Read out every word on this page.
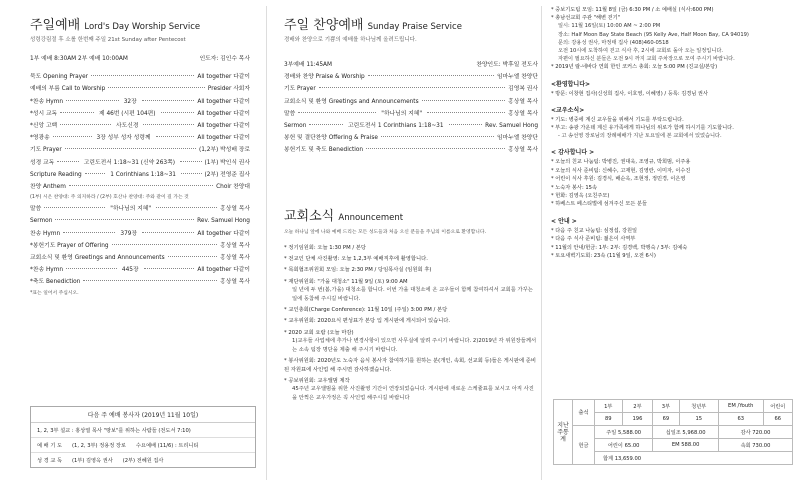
주일예배 Lord's Day Worship Service
성령강림절 후 소롤 한번째 주일 21st Sunday after Pentecost
1부 예배 8:30AM 2부 예배 10:00AM	인도자: 김인수 목사
묵도 Opening Prayer	All together 다같이
예배의 부름 Call to Worship	Presider 사회자
*찬송 Hymn	32장	All together 다같이
*성시 교독	제 46번 (시편 104편)	All together 다같이
*신앙 고백	사도신경	All together 다같이
*영광송	3장 성부 성자 성령께	All together 다같이
기도 Prayer	(1,2부) 박성배 장로
성경 교독	고린도전서 1:18~31 (신약 263쪽)	(1부) 박인식 권사
Scripture Reading	1 Corinthians 1:18~31	(2부) 전영준 집사
찬양 Anthem	Choir 찬양대
(1부) 시온 찬양대: 주 의지하라 / (2부) 호산나 찬양대: 주와 같이 길 가는 것
말씀	"하나님의 지혜"	홍상열 목사
Sermon	Rev. Samuel Hong
찬송 Hymn	379장	All together 다같이
*봉헌기도 Prayer of Offering	홍상열 목사
교회소식 및 환영 Greetings and Announcements	홍상열 목사
*찬송 Hymn	445장	All together 다같이
*축도 Benediction	홍상열 목사
*표는 일어서 주십시오.
다음 주 예배 봉사자 (2019년 11월 10일)
1, 2, 3부 설교 : 홍상열 목사 "땅보"를 위하는 사람들 (전도서 7:10)
예 배 기 도 (1, 2, 3부) 정용정 장로 수요예배 (11/6) : 트리니티
성 경 교 독 (1부) 김영옥 권사 (2부) 전혜원 집사
주일 찬양예배 Sunday Praise Service
경배와 찬양으로 기쁨의 예배를 하나님께 올려드립니다.
3부예배 11:45AM	찬양인도: 박후일 전도사
경배와 찬양 Praise & Worship	임마누엘 찬양단
기도 Prayer	김영복 권사
교회소식 및 환영 Greetings and Announcements	홍상열 목사
말씀	"하나님의 지혜"	홍상열 목사
Sermon	고린도전서 1 Corinthians 1:18~31	Rev. Samuel Hong
봉헌 및 결단찬양 Offering & Praise	임마누엘 찬양단
봉헌기도 및 축도 Benediction	홍상열 목사
교회소식 Announcement
오늘 하나님 앞에 나와 예배 드리는 모든 성도들과 처음 오신 분들을 주님의 이름으로 환영합니다.
* 정기임원회: 오늘 1:30 PM / 본당
* 전교인 단체 사진촬영: 오늘 1,2,3부 예배직후에 촬영합니다.
* 목회협조위원회 모임: 오늘 2:30 PM / 당임목사실 (임원회 후)
* 재단위원회: "가을 대청소" 11월 9일 (토) 9:00 AM
일 년에 두 번(봄,가을) 대청소를 합니다. 이번 가을 대청소에 온 교우들이 함께 참여하셔서 교회를 가꾸는 일에 동참해 주시길 바랍니다.
* 교인총회(Charge Conference): 11월 10일 (주일) 3:00 PM / 본당
* 교우위원회: 2020요식 편성표가 본당 입 게시판에 게시되어 있습니다.
* 2020 교회 요람 (오늘 마감)
1)교우들 사업체에 추가나 변경사항이 있으면 사무실에 알려 주시기 바랍니다. 2)2019년 각 위원장들께서는 소속 팀장 명단을 제출 해 주시기 바랍니다.
* 봉사위원회: 2020년도 노숙자 음식 봉사자 참여하기를 원하는 분(개인, 속회, 선교회 등)들은 게시판에 준비된 자원표에 사인업 해 주시면 감사하겠습니다.
* 공보위원회: 교우앨범 제작
45주년 교우앨범을 위한 사진촬영 기간이 연장되었습니다. 게시판에 새로운 스케쥴표를 보시고 아직 사진을 안찍은 교우가정은 꼭 사인업 해주시길 바랍니다
* 중보기도팀 모임: 11월 8일 (금) 6:30 PM / 소 예배실 (식사:600 PM)
* 총남선교회 주관 "해변 걷기"
일시: 11월 16일(토) 10:00 AM ~ 2:00 PM
장소: Half Moon Bay State Beach (95 Kelly Ave, Half Moon Bay, CA 94019)
문의: 강용성 권사, 마정태 집사 (408)460-0518
오전 10시에 도착하여 걷고 식사 후, 2시에 교회로 돌아 오는 일정입니다.
자편이 필요하신 분들은 오전 9시 까지 교회 주차장으로 모여 주시기 바랍니다.
* 2019년 랄-네바다 연회 한인 코커스 총회: 오늘 5:00 PM (진교실/본당)
<환영합니다>
* 방문: 이창현 집사(신성희 집사, 이호영, 이혜영) / 등록: 김경님 권사
<교우소식>
* 기도: 병중에 계신 교우들을 위해서 기도를 부탁드립니다.
* 부고: 송광 가운데 계신 유가족에게 하나님의 위로가 함께 하시기를 기도합니다.
- 고 송선영 장로님의 장례예배가 지난 토요일에 본 교회에서 있었습니다.
< 감사합니다 >
* 오늘의 친교 나눔팀: 박병진, 권대욱, 조영규, 박희범, 이주용
* 오늘의 식사 준비팀: 신혜수, 고재현, 김영란, 이미자, 이수진
* 어린이 식사 후원: 김경식, 배순옥, 조현정, 정민경, 이은영
* 노숙자 봉사: 15속
* 헌화: 김영옥 (오친주모)
* 하베스트 페스티벌에 섬겨주신 모든 분들
< 안내 >
* 다음 주 친교 나눔팀: 심정섭, 강원일
* 다음 주 식사 준비팀: 젊은이 사역부
* 11월의 안내/헌금: 1부: 2부: 김경백, 박행숙 / 3부: 김예숙
* 토요새벽기도회: 23속 (11월 9일, 오전 6시)
지난주통계	출석	1부	2부	3부	청년부	EM /Youth	어린이
		89	196	69	15	63	66
	헌금	주일 5,588.00		십일조 5,968.00		감사 720.00	
		어린이 65.00		EM 588.00		속회 730.00	
		합계 13,659.00					
